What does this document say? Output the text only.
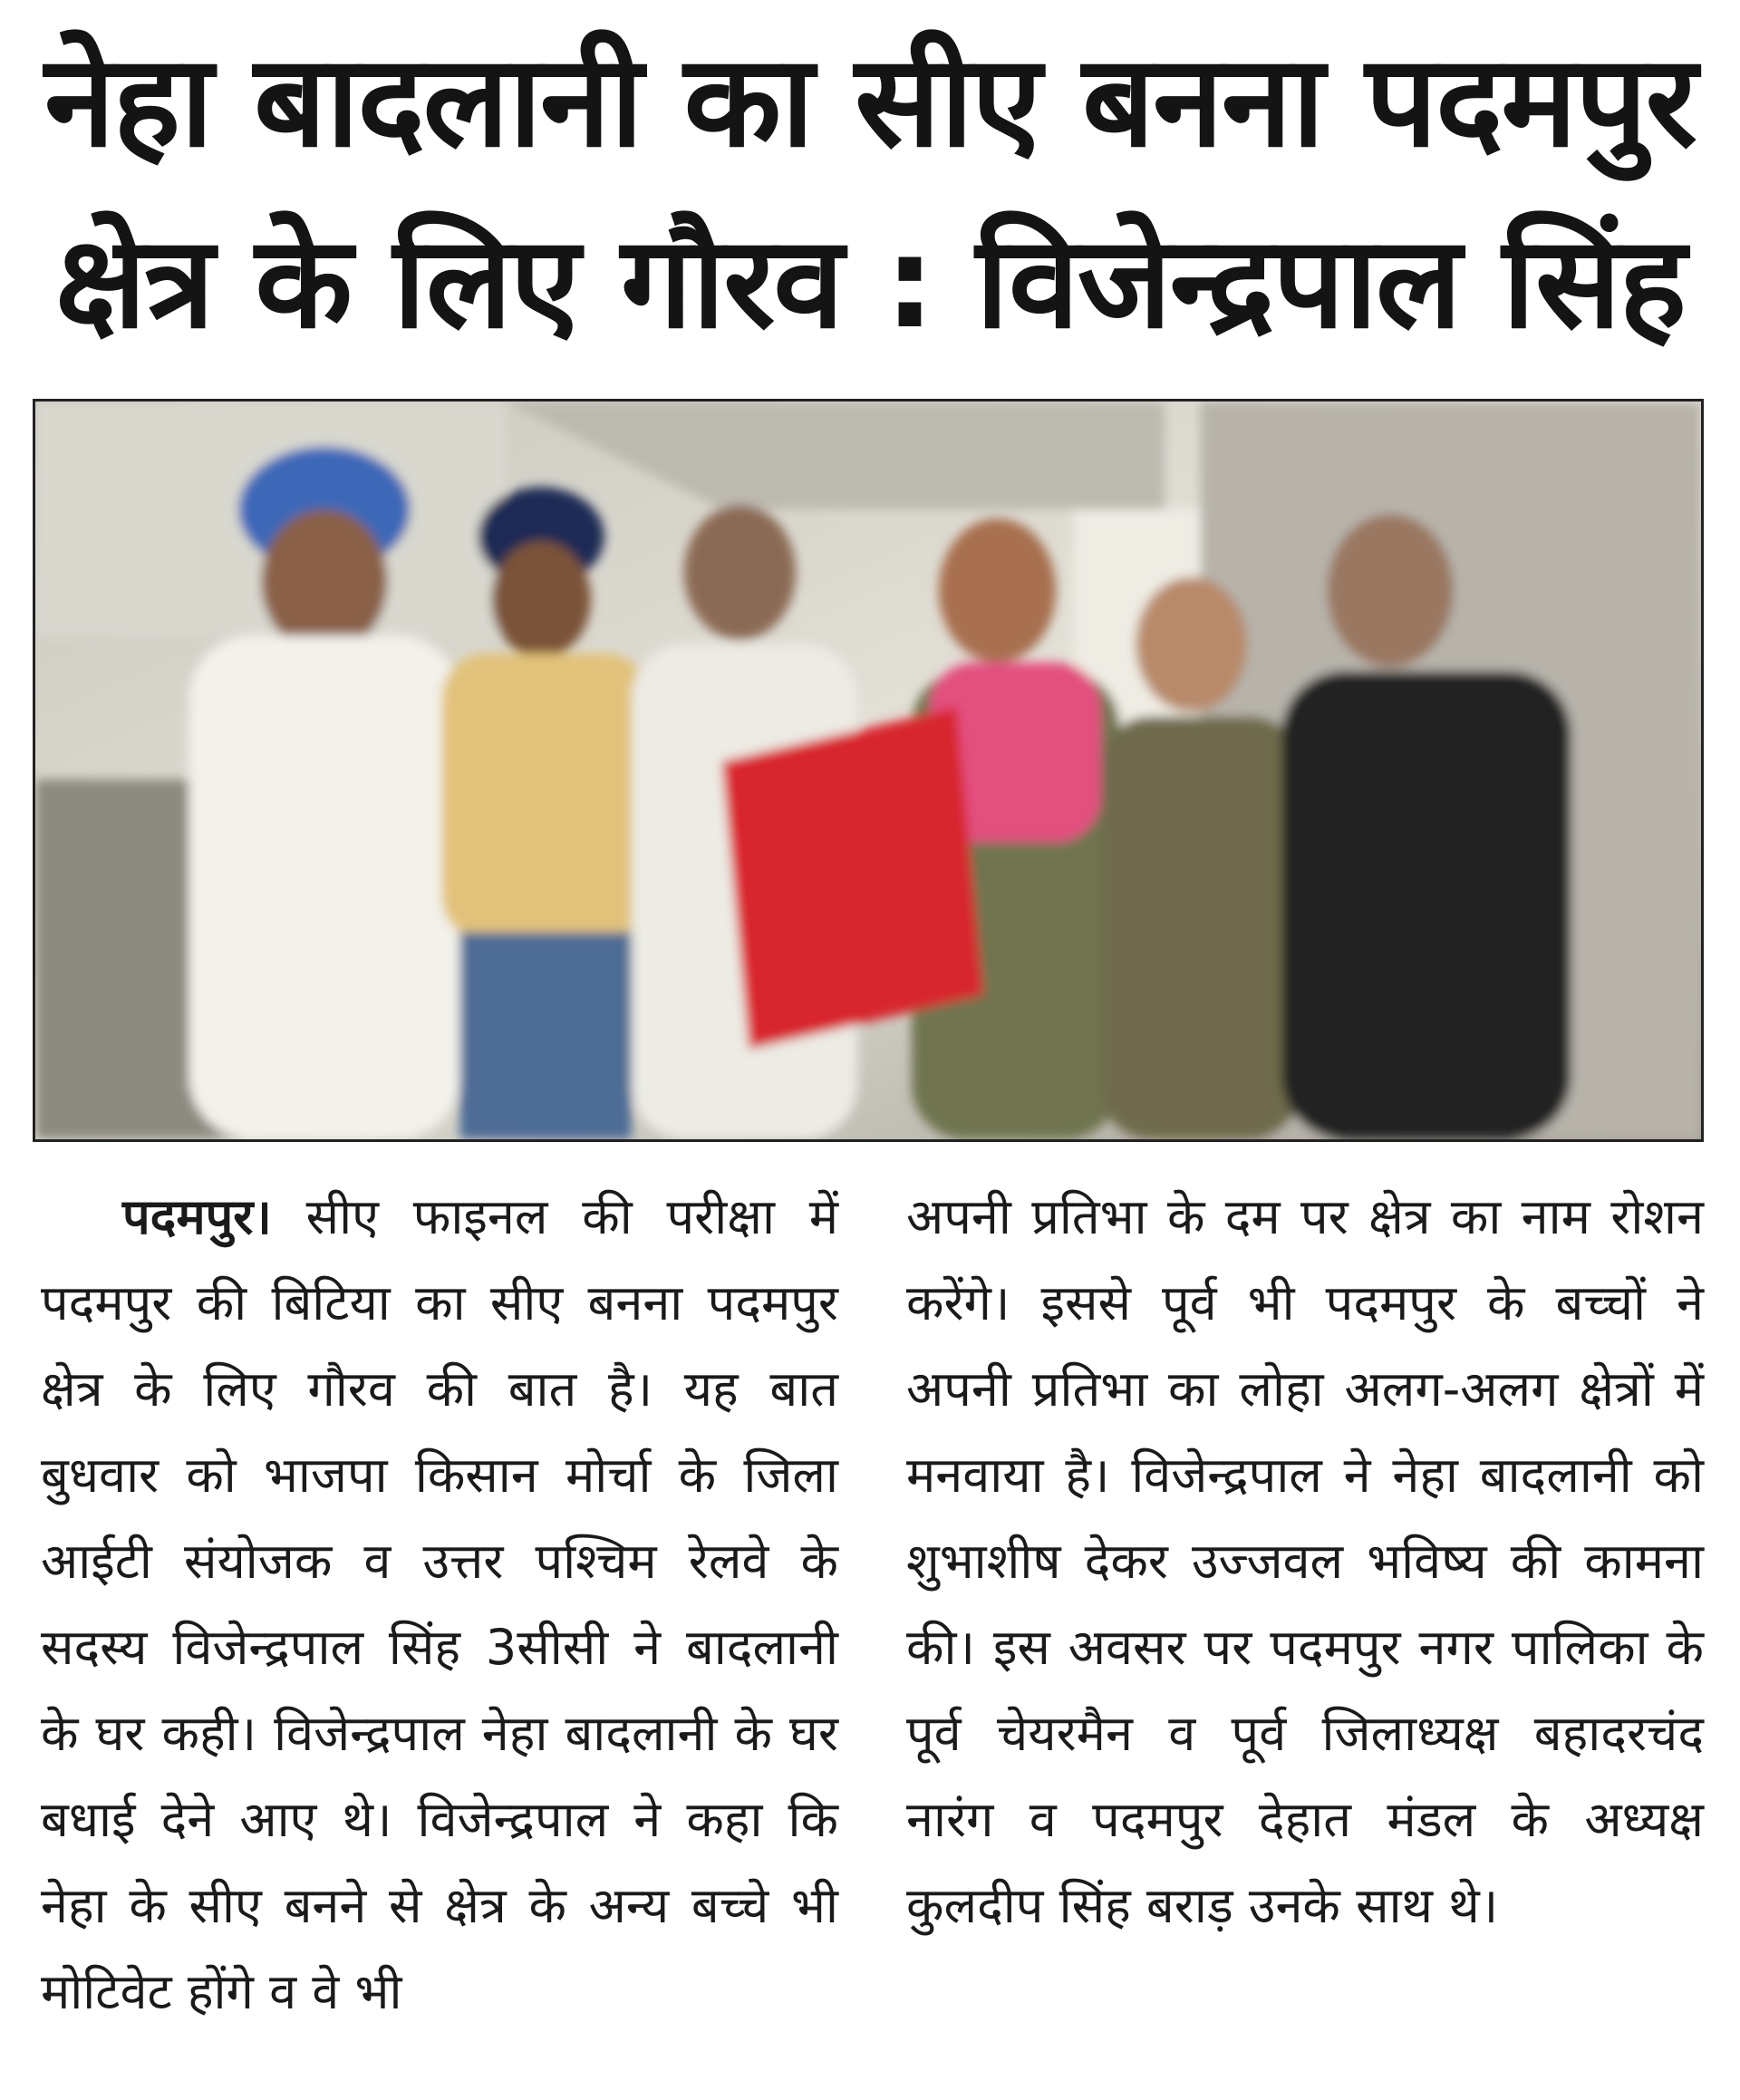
नेहा बादलानी का सीए बनना पदमपुर
क्षेत्र के लिए गौरव : विजेन्द्रपाल सिंह
पदमपुर। सीए फाइनल की परीक्षा में पदमपुर की बिटिया का सीए बनना पदमपुर क्षेत्र के लिए गौरव की बात है। यह बात बुधवार को भाजपा किसान मोर्चा के जिला आईटी संयोजक व उत्तर पश्चिम रेलवे के सदस्य विजेन्द्रपाल सिंह 3सीसी ने बादलानी के घर कही। विजेन्द्रपाल नेहा बादलानी के घर बधाई देने आए थे। विजेन्द्रपाल ने कहा कि नेहा के सीए बनने से क्षेत्र के अन्य बच्चे भी मोटिवेट होंगे व वे भी
अपनी प्रतिभा के दम पर क्षेत्र का नाम रोशन करेंगे। इससे पूर्व भी पदमपुर के बच्चों ने अपनी प्रतिभा का लोहा अलग-अलग क्षेत्रों में मनवाया है। विजेन्द्रपाल ने नेहा बादलानी को शुभाशीष देकर उज्जवल भविष्य की कामना की। इस अवसर पर पदमपुर नगर पालिका के पूर्व चेयरमैन व पूर्व जिलाध्यक्ष बहादरचंद नारंग व पदमपुर देहात मंडल के अध्यक्ष कुलदीप सिंह बराड़ उनके साथ थे।
